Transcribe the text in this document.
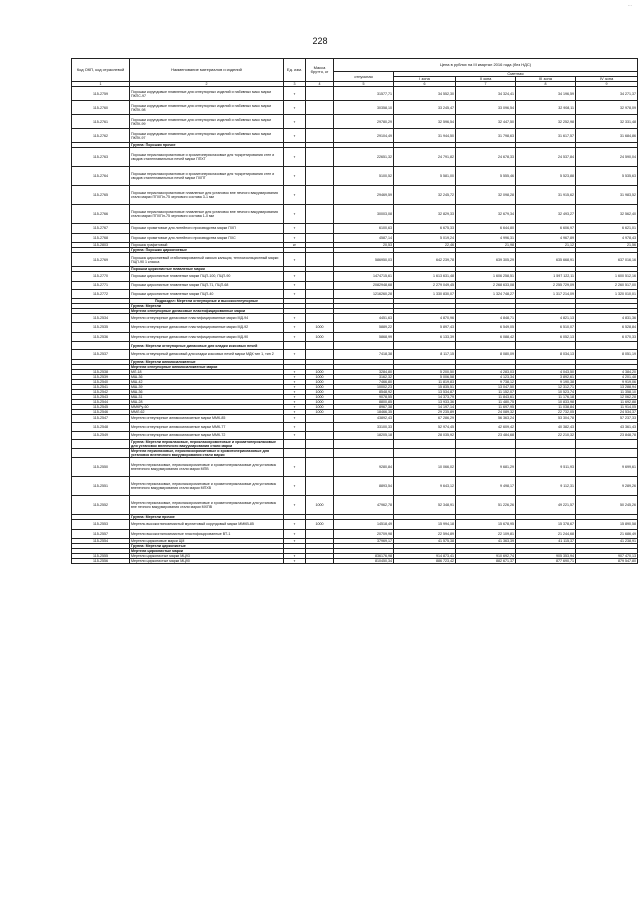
...
228
Код ОКП, код отраслевой	Наименование материалов и изделий	Ед. изм.	Масса брутто, кг	Цена в рублях на III квартал 2016 года (без НДС)				
				отпускная	Сметная			
					I зона	II зона	III зона	IV зона
1	2	3	4	5	6	7	8	9
115-2759	Порошки корундовые плавленые для огнеупорных изделий и набивных масс марки ПКПС-97	т		31577,71	34 552,30	34 324,41	34 196,59	34 271,37
115-2760	Порошки корундовые плавленые для огнеупорных изделий и набивных масс марки ПКПК-98	т		30358,10	33 245,47	33 096,54	32 908,11	32 978,09
115-2761	Порошки корундовые плавленые для огнеупорных изделий и набивных масс марки ПКПК-99	т		29780,29	32 596,54	32 447,50	32 252,98	32 331,48
115-2762	Порошки корундовые плавленые для огнеупорных изделий и набивных масс марки ПКПК-97	т		29104,49	31 944,50	31 798,63	31 617,57	31 684,86
	Группа: Порошки прочие							
115-2763	Порошки периклазохромитовые и хромитопериклазовые для торкретирования стен и сводов сталеплавильных печей марки ППХТ	т		22651,32	24 791,82	24 678,33	24 537,84	24 590,04
115-2764	Порошки периклазохромитовые и хромитопериклазовые для торкретирования стен и сводов сталеплавильных печей марки ПХПТ	т		5100,52	5 581,00	5 555,46	5 523,88	5 535,63
115-2765	Порошки периклазохромитовые плавленые для установок вне печного вакуумирования стали марки ППХПл-75 зернового состава 3-1 мм	т		29469,59	32 245,72	32 098,28	31 915,62	31 983,52
115-2766	Порошки периклазохромитовые плавленые для установок вне печного вакуумирования стали марки ППХПл-75 зернового состава 1-0 мм	т		30003,08	32 829,33	32 679,34	32 493,27	32 562,40
115-2767	Порошки хромитовые для литейного производства марки ПХП	т		6100,63	6 675,33	6 644,80	6 606,97	6 621,01
115-2768	Порошки хромитовые для литейного производства марки ПХС	т		4587,14	5 019,24	4 996,31	4 967,89	4 978,43
115-2803	Порошок графитовый	кг		20,53	22,46	21,98	21,12	21,56
	Группа: Порошки циркониевые							
115-2769	Порошок циркониевый стабилизированный окисью кальция, теплоизоляционный марки ПЦП-90 1 класса	т		586950,03	642 239,78	639 305,29	635 668,91	637 016,16
	Порошки цирконистые плавленые марки							
115-2770	Порошки цирконистые плавленые марки ПЦП-100, ПЦП-90	т		1474715,61	1 613 631,48	1 606 258,51	1 597 122,11	1 600 512,16
115-2771	Порошки цирконистые плавленые марки ПЦП-71, ПЦП-68	т		2082948,68	2 279 049,45	2 268 633,08	2 255 729,09	2 260 517,00
115-2772	Порошки цирконистые плавленые марки ПЦП-40	т		1216260,28	1 330 830,07	1 324 748,27	1 317 214,09	1 320 010,01
	Подраздел: Мертели огнеупорные и высокоогнеупорные							
	Группа: Мертели							
	Мертели огнеупорные динасовые пластифицированные марки							
115-2534	Мертели огнеупорные динасовые пластифицированные марки МД-94	т		4451,63	4 870,96	4 848,71	4 821,13	4 831,36
115-2535	Мертели огнеупорные динасовые пластифицированные марки МД-92	т	1000	5889,22	5 897,43	6 549,05	6 510,07	6 528,84
115-2536	Мертели огнеупорные динасовые пластифицированные марки МД-90	т	1000	5868,99	6 133,39	6 088,42	6 052,13	6 070,33
	Группа: Мертели огнеупорные динасовые для кладки коксовых печей							
115-2537	Мертель огнеупорный динасовый для кладки коксовых печей марки МДК тип 1, тип 2	т		7418,38	8 117,15	8 080,09	8 034,13	8 051,19
	Группа: Мертели алюмосиликатные							
	Мертели огнеупорные алюмосиликатные марки							
115-2538	МЛ-18	т	1000	3284,80	5 200,50	4 283,03	4 043,50	4 384,20
115-2539	МШ-36	т	1000	3162,32	5 006,58	4 123,34	3 892,61	4 201,48
115-2540	МШ-42	т	1000	7466,80	11 819,83	9 738,12	9 190,38	9 919,06
115-2541	МШ-39	т	1000	10002,23	15 835,51	13 047,50	12 312,71	13 288,94
115-2542	МШ-36	т	1000	8548,92	13 534,87	11 152,07	10 523,74	11 358,10
115-2543	МШ-31	т	1000	9078,55	14 373,79	11 843,61	11 176,18	12 062,28
115-2544	МШ-28	т	1000	8800,85	13 933,36	11 480,75	10 833,98	11 692,88
115-2545	ММКРу-60	т	1000	8967,38	14 197,14	11 697,95	11 038,84	11 914,05
115-2546	ММЛ-62	т	1000	18466,35	29 235,89	24 089,32	22 732,05	24 534,37
115-2547	Мертели огнеупорные алюмосиликатные марки ММК-85	т		43892,43	67 286,29	56 363,24	53 304,78	57 237,33
115-2548	Мертели огнеупорные алюмосиликатные марки ММК-77	т		33100,33	52 974,45	42 609,42	40 382,43	43 361,43
115-2549	Мертели огнеупорные алюмосиликатные марки ММК-72	т		18205,18	28 035,92	23 484,68	22 210,32	23 848,78
	Группа: Мертели периклазовые, периклазохромитовые и хромитопериклазовые для установок внепечного вакуумирования стали марки							
	Мертели периклазовые, периклазохромитовые и хромитопериклазовые для установок внепечного вакуумирования стали марки							
115-2550	Мертели периклазовые, периклазохромитовые и хромитопериклазовые для установок внепечного вакуумирования стали марки МПВ	т		9280,84	10 066,02	9 681,29	9 511,93	9 699,61
115-2551	Мертели периклазовые, периклазохромитовые и хромитопериклазовые для установок внепечного вакуумирования стали марки МПХВ	т		8893,54	9 643,12	9 498,17	9 112,31	9 289,26
115-2552	Мертели периклазовые, периклазохромитовые и хромитопериклазовые для установок вне печного вакуумирования стали марки МХПВ	т	1000	47962,78	52 348,91	51 226,26	49 221,57	50 245,26
	Группа: Мертели прочие							
115-2553	Мертель высокоглиноземистый муллитовый корундовый марки ММКВ-85	т	1000	14518,49	15 994,18	15 678,95	15 378,67	15 890,58
115-2557	Мертели высокоглиноземистые пластифицированные ВТ-1	т		20709,98	22 594,89	22 109,81	21 244,68	21 686,49
115-2554	Мертели цирконовые марки ЦМ	т		37969,17	41 575,38	41 363,39	41 115,37	41 238,91
	Группа: Мертели цирконистые							
	Мертели цирконистые марки							
115-2555	Мертели цирконистые марки МЦ93	т		836176,98	914 873,41	910 692,74	905 353,94	907 470,13
115-2556	Мертели цирконистые марки МЦ90	т		810450,34	886 723,42	882 671,37	877 690,71	879 547,80
